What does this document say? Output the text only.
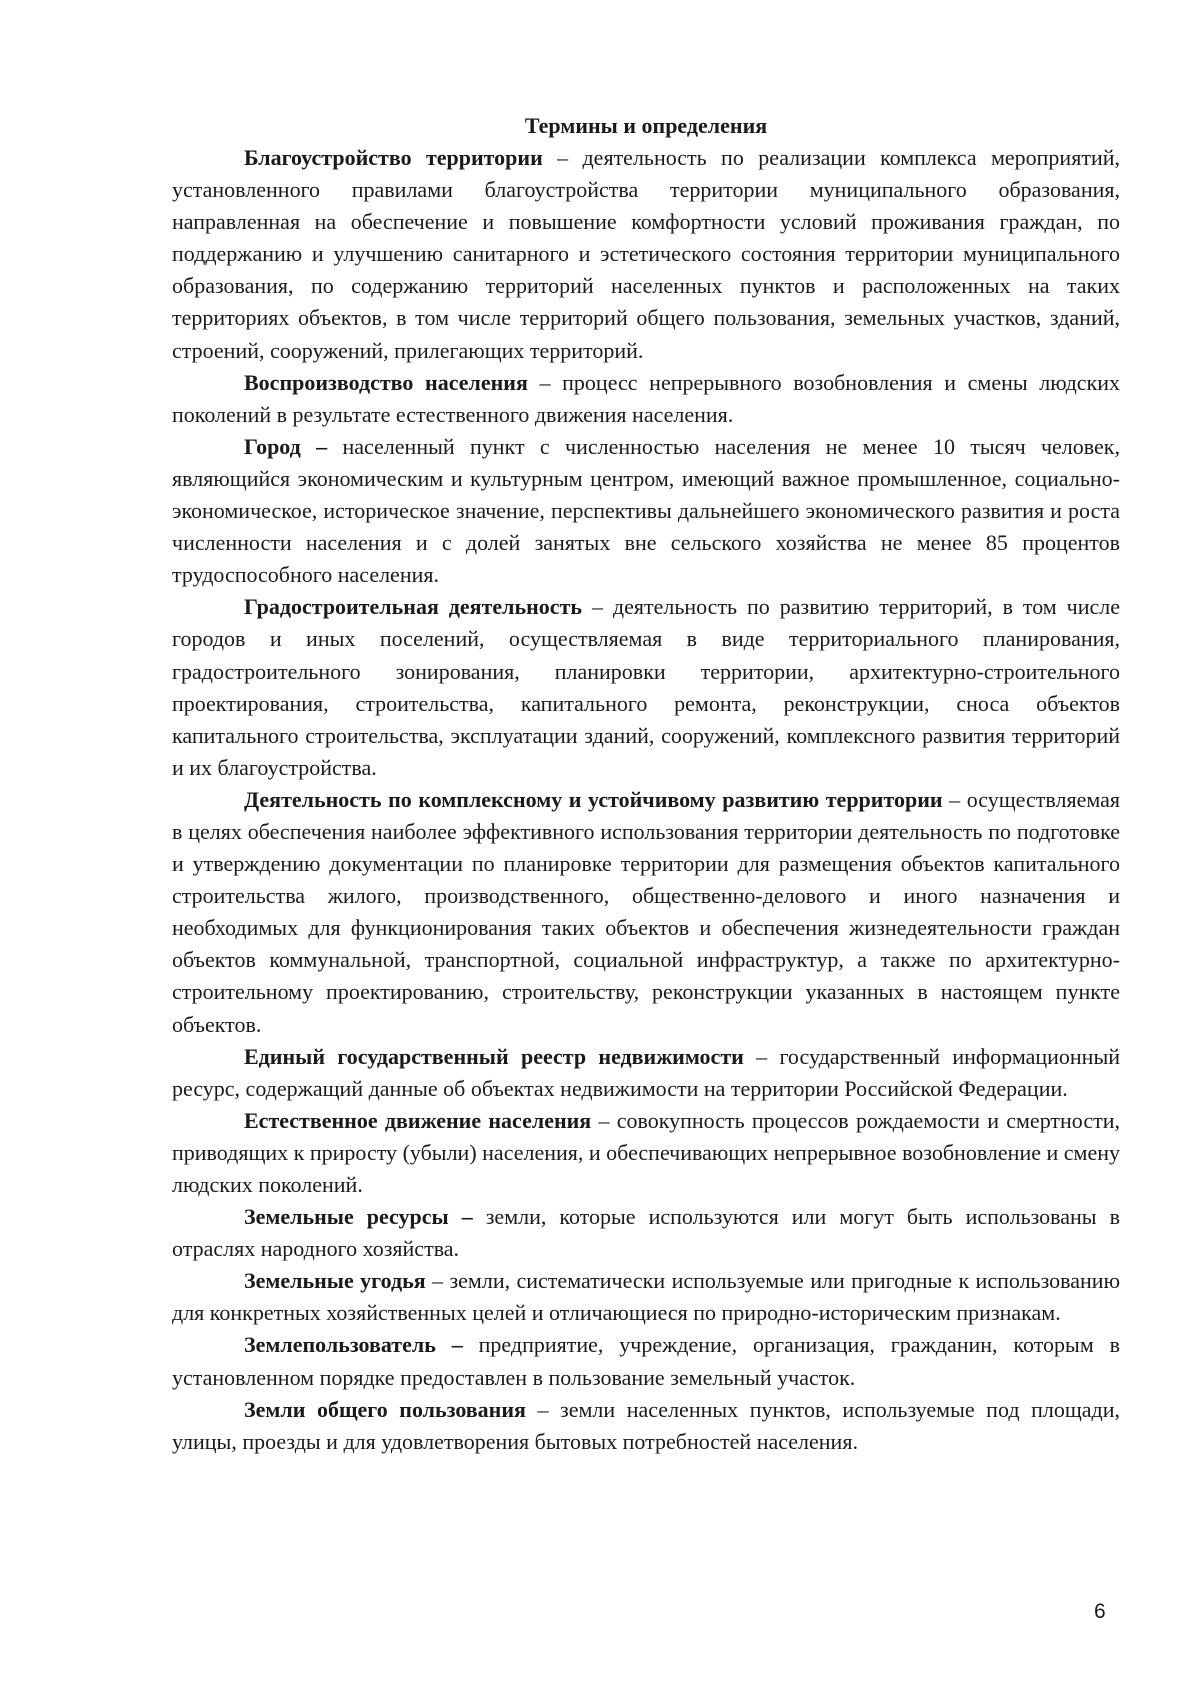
Термины и определения

Благоустройство территории – деятельность по реализации комплекса мероприятий, установленного правилами благоустройства территории муниципального образования, направленная на обеспечение и повышение комфортности условий проживания граждан, по поддержанию и улучшению санитарного и эстетического состояния территории муниципального образования, по содержанию территорий населенных пунктов и расположенных на таких территориях объектов, в том числе территорий общего пользования, земельных участков, зданий, строений, сооружений, прилегающих территорий.

Воспроизводство населения – процесс непрерывного возобновления и смены людских поколений в результате естественного движения населения.

Город – населенный пункт с численностью населения не менее 10 тысяч человек, являющийся экономическим и культурным центром, имеющий важное промышленное, социально-экономическое, историческое значение, перспективы дальнейшего экономического развития и роста численности населения и с долей занятых вне сельского хозяйства не менее 85 процентов трудоспособного населения.

Градостроительная деятельность – деятельность по развитию территорий, в том числе городов и иных поселений, осуществляемая в виде территориального планирования, градостроительного зонирования, планировки территории, архитектурно-строительного проектирования, строительства, капитального ремонта, реконструкции, сноса объектов капитального строительства, эксплуатации зданий, сооружений, комплексного развития территорий и их благоустройства.

Деятельность по комплексному и устойчивому развитию территории – осуществляемая в целях обеспечения наиболее эффективного использования территории деятельность по подготовке и утверждению документации по планировке территории для размещения объектов капитального строительства жилого, производственного, общественно-делового и иного назначения и необходимых для функционирования таких объектов и обеспечения жизнедеятельности граждан объектов коммунальной, транспортной, социальной инфраструктур, а также по архитектурно-строительному проектированию, строительству, реконструкции указанных в настоящем пункте объектов.

Единый государственный реестр недвижимости – государственный информационный ресурс, содержащий данные об объектах недвижимости на территории Российской Федерации.

Естественное движение населения – совокупность процессов рождаемости и смертности, приводящих к приросту (убыли) населения, и обеспечивающих непрерывное возобновление и смену людских поколений.

Земельные ресурсы – земли, которые используются или могут быть использованы в отраслях народного хозяйства.

Земельные угодья – земли, систематически используемые или пригодные к использованию для конкретных хозяйственных целей и отличающиеся по природно-историческим признакам.

Землепользователь – предприятие, учреждение, организация, гражданин, которым в установленном порядке предоставлен в пользование земельный участок.

Земли общего пользования – земли населенных пунктов, используемые под площади, улицы, проезды и для удовлетворения бытовых потребностей населения.

6
